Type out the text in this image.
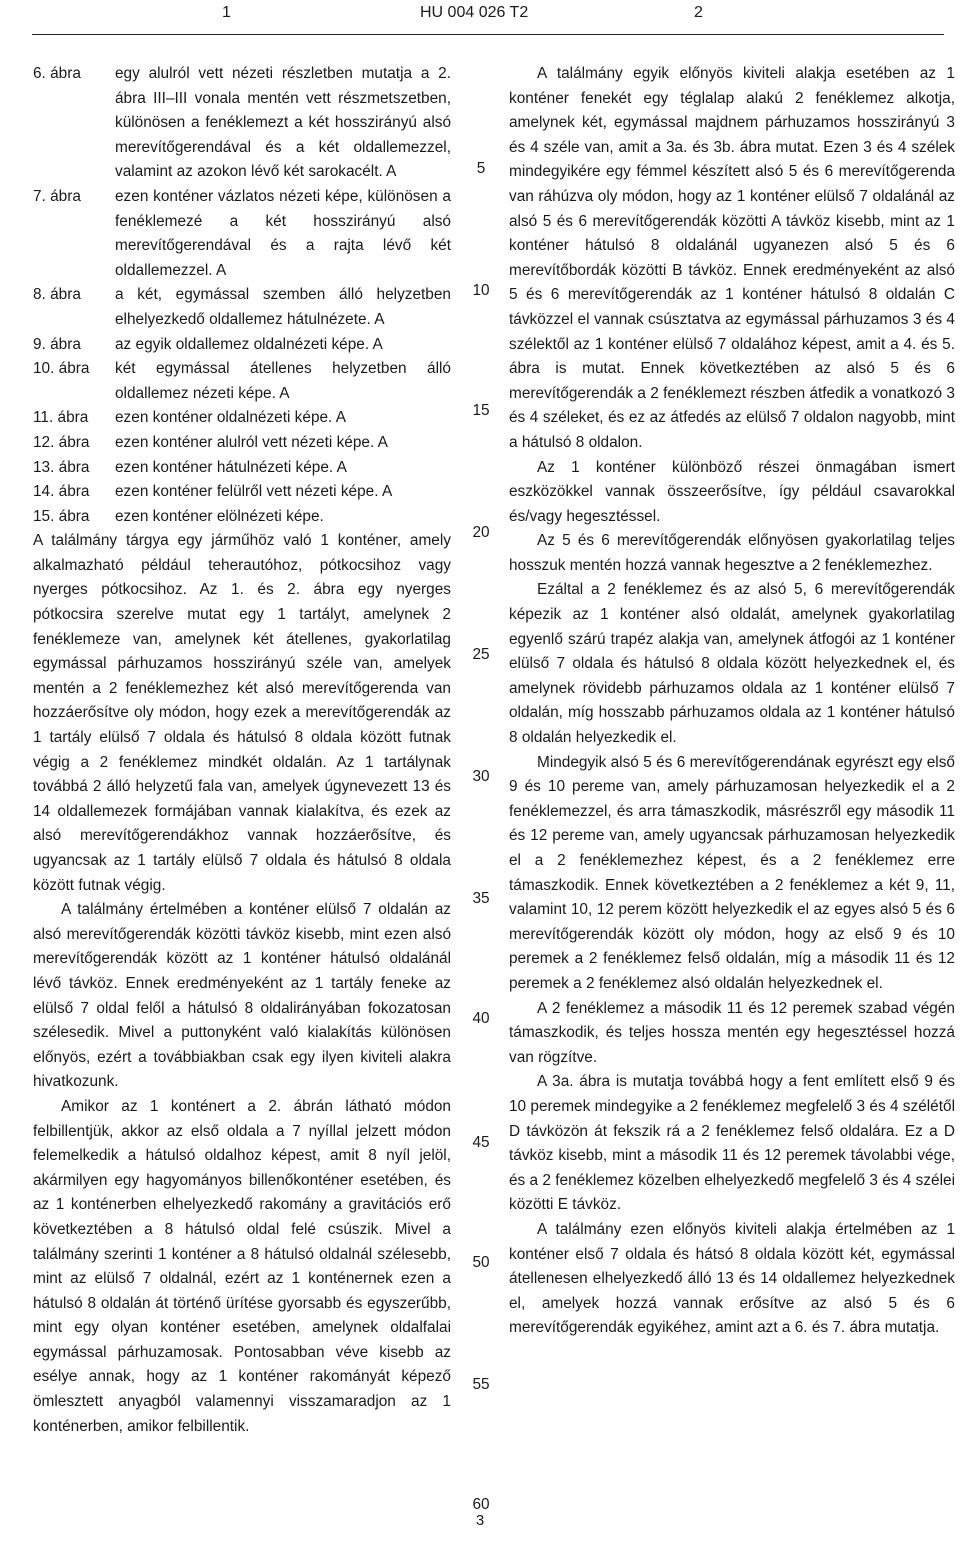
1	HU 004 026 T2	2
6. ábra	egy alulról vett nézeti részletben mutatja a 2. ábra III–III vonala mentén vett részmetszetben, különösen a fenéklemezt a két hosszirányú alsó merevítőgerendával és a két oldallemezzel, valamint az azokon lévő két sarokacélt. A
7. ábra	ezen konténer vázlatos nézeti képe, különösen a fenéklemezé a két hosszirányú alsó merevítőgerendával és a rajta lévő két oldallemezzel. A
8. ábra	a két, egymással szemben álló helyzetben elhelyezkedő oldallemez hátulnézete. A
9. ábra	az egyik oldallemez oldalnézeti képe. A
10. ábra	két egymással átellenes helyzetben álló oldallemez nézeti képe. A
11. ábra	ezen konténer oldalnézeti képe. A
12. ábra	ezen konténer alulról vett nézeti képe. A
13. ábra	ezen konténer hátulnézeti képe. A
14. ábra	ezen konténer felülről vett nézeti képe. A
15. ábra	ezen konténer elölnézeti képe.

A találmány tárgya egy járműhöz való 1 konténer, amely alkalmazható például teherautóhoz, pótkocsihoz vagy nyerges pótkocsihoz. Az 1. és 2. ábra egy nyerges pótkocsira szerelve mutat egy 1 tartályt, amelynek 2 fenéklemeze van, amelynek két átellenes, gyakorlatilag egymással párhuzamos hosszirányú széle van, amelyek mentén a 2 fenéklemezhez két alsó merevítőgerenda van hozzáerősítve oly módon, hogy ezek a merevítőgerendák az 1 tartály elülső 7 oldala és hátulsó 8 oldala között futnak végig a 2 fenéklemez mindkét oldalán. Az 1 tartálynak továbbá 2 álló helyzetű fala van, amelyek úgynevezett 13 és 14 oldallemezek formájában vannak kialakítva, és ezek az alsó merevítőgerendákhoz vannak hozzáerősítve, és ugyancsak az 1 tartály elülső 7 oldala és hátulsó 8 oldala között futnak végig.

A találmány értelmében a konténer elülső 7 oldalán az alsó merevítőgerendák közötti távköz kisebb, mint ezen alsó merevítőgerendák között az 1 konténer hátulsó oldalánál lévő távköz. Ennek eredményeként az 1 tartály feneke az elülső 7 oldal felől a hátulsó 8 oldalirányában fokozatosan szélesedik. Mivel a puttonyként való kialakítás különösen előnyös, ezért a továbbiakban csak egy ilyen kiviteli alakra hivatkozunk.

Amikor az 1 konténert a 2. ábrán látható módon felbillentjük, akkor az első oldala a 7 nyíllal jelzett módon felemelkedik a hátulsó oldalhoz képest, amit 8 nyíl jelöl, akármilyen egy hagyományos billenőkonténer esetében, és az 1 konténerben elhelyezkedő rakomány a gravitációs erő következtében a 8 hátulsó oldal felé csúszik. Mivel a találmány szerinti 1 konténer a 8 hátulsó oldalnál szélesebb, mint az elülső 7 oldalnál, ezért az 1 konténernek ezen a hátulsó 8 oldalán át történő ürítése gyorsabb és egyszerűbb, mint egy olyan konténer esetében, amelynek oldalfalai egymással párhuzamosak. Pontosabban véve kisebb az esélye annak, hogy az 1 konténer rakományát képező ömlesztett anyagból valamennyi visszamaradjon az 1 konténerben, amikor felbillentik.

5
10
15
20
25
30
35
40
45
50
55
60

A találmány egyik előnyös kiviteli alakja esetében az 1 konténer fenekét egy téglalap alakú 2 fenéklemez alkotja, amelynek két, egymással majdnem párhuzamos hosszirányú 3 és 4 széle van, amit a 3a. és 3b. ábra mutat. Ezen 3 és 4 szélek mindegyikére egy fémmel készített alsó 5 és 6 merevítőgerenda van ráhúzva oly módon, hogy az 1 konténer elülső 7 oldalánál az alsó 5 és 6 merevítőgerendák közötti A távköz kisebb, mint az 1 konténer hátulsó 8 oldalánál ugyanezen alsó 5 és 6 merevítőbordák közötti B távköz. Ennek eredményeként az alsó 5 és 6 merevítőgerendák az 1 konténer hátulsó 8 oldalán C távközzel el vannak csúsztatva az egymással párhuzamos 3 és 4 szélektől az 1 konténer elülső 7 oldalához képest, amit a 4. és 5. ábra is mutat. Ennek következtében az alsó 5 és 6 merevítőgerendák a 2 fenéklemezt részben átfedik a vonatkozó 3 és 4 széleket, és ez az átfedés az elülső 7 oldalon nagyobb, mint a hátulsó 8 oldalon.

Az 1 konténer különböző részei önmagában ismert eszközökkel vannak összeerősítve, így például csavarokkal és/vagy hegesztéssel.

Az 5 és 6 merevítőgerendák előnyösen gyakorlatilag teljes hosszuk mentén hozzá vannak hegesztve a 2 fenéklemezhez.

Ezáltal a 2 fenéklemez és az alsó 5, 6 merevítőgerendák képezik az 1 konténer alsó oldalát, amelynek gyakorlatilag egyenlő szárú trapéz alakja van, amelynek átfogói az 1 konténer elülső 7 oldala és hátulsó 8 oldala között helyezkednek el, és amelynek rövidebb párhuzamos oldala az 1 konténer elülső 7 oldalán, míg hosszabb párhuzamos oldala az 1 konténer hátulsó 8 oldalán helyezkedik el.

Mindegyik alsó 5 és 6 merevítőgerendának egyrészt egy első 9 és 10 pereme van, amely párhuzamosan helyezkedik el a 2 fenéklemezzel, és arra támaszkodik, másrészről egy második 11 és 12 pereme van, amely ugyancsak párhuzamosan helyezkedik el a 2 fenéklemezhez képest, és a 2 fenéklemez erre támaszkodik. Ennek következtében a 2 fenéklemez a két 9, 11, valamint 10, 12 perem között helyezkedik el az egyes alsó 5 és 6 merevítőgerendák között oly módon, hogy az első 9 és 10 peremek a 2 fenéklemez felső oldalán, míg a második 11 és 12 peremek a 2 fenéklemez alsó oldalán helyezkednek el.

A 2 fenéklemez a második 11 és 12 peremek szabad végén támaszkodik, és teljes hossza mentén egy hegesztéssel hozzá van rögzítve.

A 3a. ábra is mutatja továbbá hogy a fent említett első 9 és 10 peremek mindegyike a 2 fenéklemez megfelelő 3 és 4 szélétől D távközön át fekszik rá a 2 fenéklemez felső oldalára. Ez a D távköz kisebb, mint a második 11 és 12 peremek távolabbi vége, és a 2 fenéklemez közelben elhelyezkedő megfelelő 3 és 4 szélei közötti E távköz.

A találmány ezen előnyös kiviteli alakja értelmében az 1 konténer első 7 oldala és hátsó 8 oldala között két, egymással átellenesen elhelyezkedő álló 13 és 14 oldallemez helyezkednek el, amelyek hozzá vannak erősítve az alsó 5 és 6 merevítőgerendák egyikéhez, amint azt a 6. és 7. ábra mutatja.

3
